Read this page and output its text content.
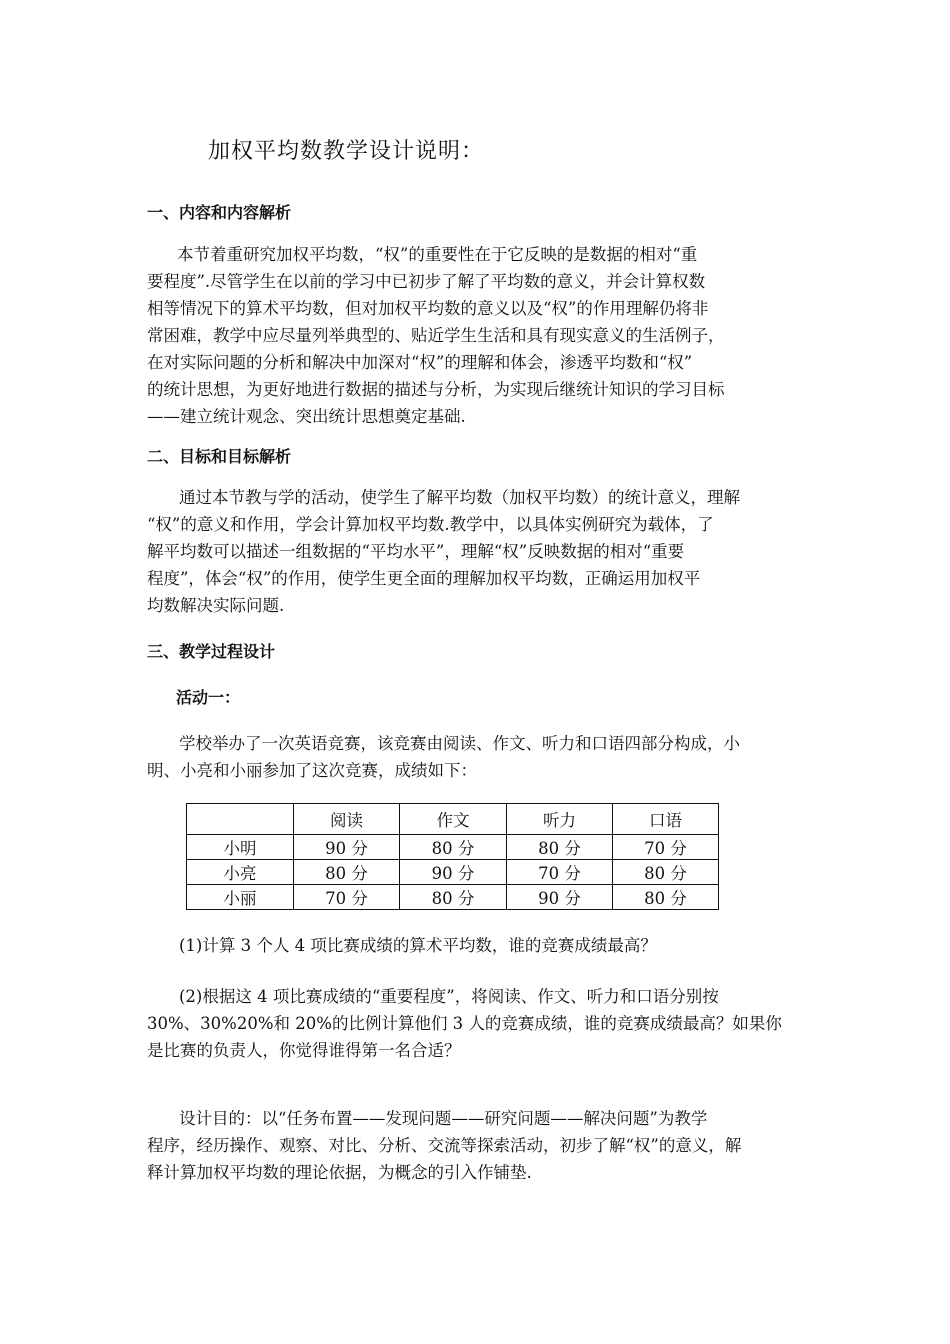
加权平均数教学设计说明：
一、内容和内容解析
本节着重研究加权平均数，“权”的重要性在于它反映的是数据的相对“重
要程度”.尽管学生在以前的学习中已初步了解了平均数的意义，并会计算权数
相等情况下的算术平均数，但对加权平均数的意义以及“权”的作用理解仍将非
常困难，教学中应尽量列举典型的、贴近学生生活和具有现实意义的生活例子，
在对实际问题的分析和解决中加深对“权”的理解和体会，渗透平均数和“权”
的统计思想，为更好地进行数据的描述与分析，为实现后继统计知识的学习目标
——建立统计观念、突出统计思想奠定基础.
二、目标和目标解析
通过本节教与学的活动，使学生了解平均数（加权平均数）的统计意义，理解
“权”的意义和作用，学会计算加权平均数.教学中，以具体实例研究为载体，了
解平均数可以描述一组数据的“平均水平”，理解“权”反映数据的相对“重要
程度”，体会“权”的作用，使学生更全面的理解加权平均数，正确运用加权平
均数解决实际问题.
三、教学过程设计
活动一：
学校举办了一次英语竞赛，该竞赛由阅读、作文、听力和口语四部分构成，小
明、小亮和小丽参加了这次竞赛，成绩如下：
	阅读	作文	听力	口语
小明	90 分	80 分	80 分	70 分
小亮	80 分	90 分	70 分	80 分
小丽	70 分	80 分	90 分	80 分
(1)计算 3 个人 4 项比赛成绩的算术平均数，谁的竞赛成绩最高？
(2)根据这 4 项比赛成绩的“重要程度”，将阅读、作文、听力和口语分别按
30%、30%20%和 20%的比例计算他们 3 人的竞赛成绩，谁的竞赛成绩最高？如果你
是比赛的负责人，你觉得谁得第一名合适？
设计目的：以“任务布置——发现问题——研究问题——解决问题”为教学
程序，经历操作、观察、对比、分析、交流等探索活动，初步了解“权”的意义，解
释计算加权平均数的理论依据，为概念的引入作铺垫.
